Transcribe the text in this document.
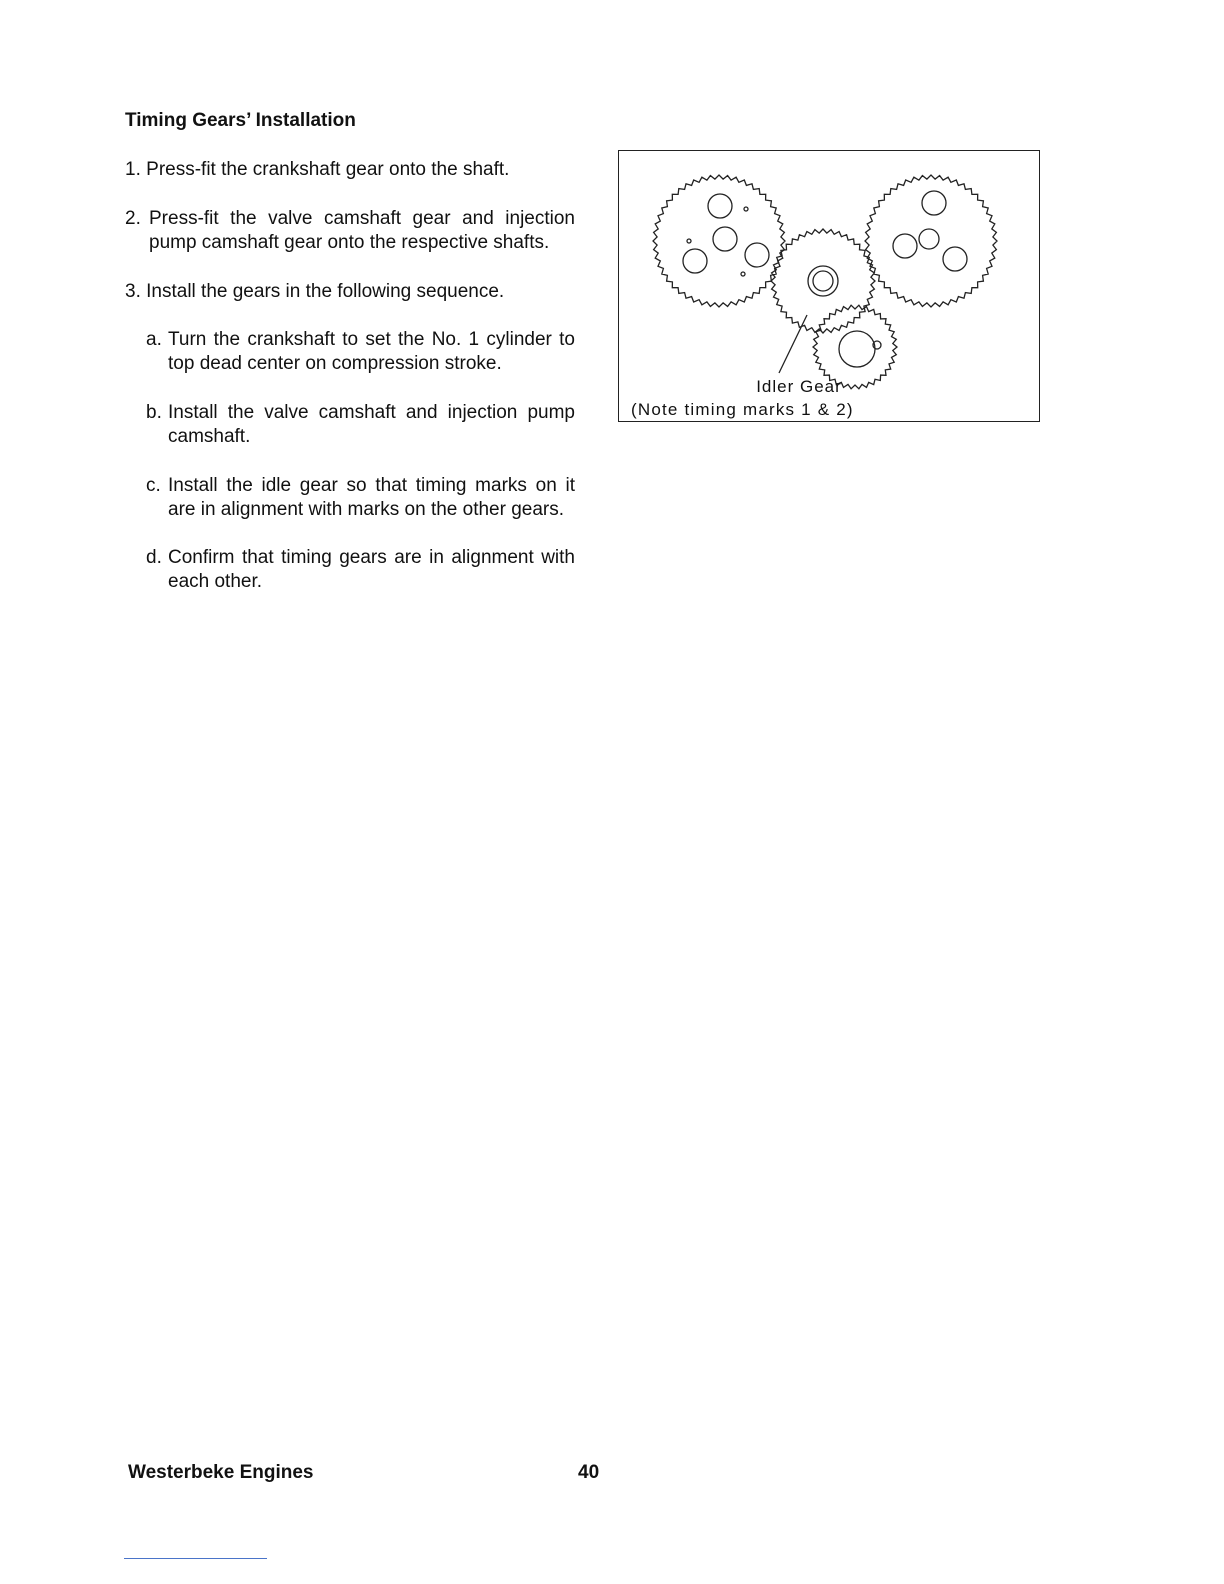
Timing Gears’ Installation
1. Press-fit the crankshaft gear onto the shaft.
2. Press-fit the valve camshaft gear and injection pump camshaft gear onto the respective shafts.
3. Install the gears in the following sequence.
a. Turn the crankshaft to set the No. 1 cylinder to top dead center on compression stroke.
b. Install the valve camshaft and injection pump camshaft.
c. Install the idle gear so that timing marks on it are in alignment with marks on the other gears.
d. Confirm that timing gears are in alignment with each other.
Idler Gear
(Note timing marks 1 & 2)
Westerbeke Engines	40
